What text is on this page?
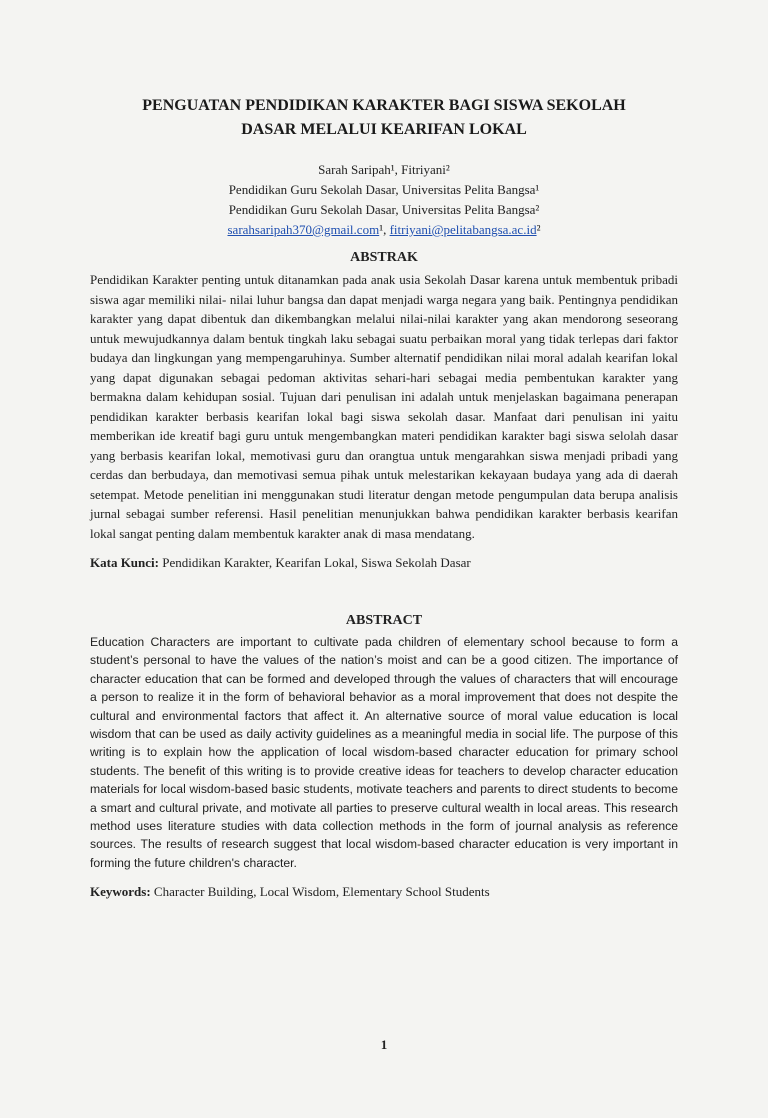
PENGUATAN PENDIDIKAN KARAKTER BAGI SISWA SEKOLAH
DASAR MELALUI KEARIFAN LOKAL
Sarah Saripah¹, Fitriyani²
Pendidikan Guru Sekolah Dasar, Universitas Pelita Bangsa¹
Pendidikan Guru Sekolah Dasar, Universitas Pelita Bangsa²
sarahsaripah370@gmail.com¹, fitriyani@pelitabangsa.ac.id²
ABSTRAK

Pendidikan Karakter penting untuk ditanamkan pada anak usia Sekolah Dasar karena untuk membentuk pribadi siswa agar memiliki nilai- nilai luhur bangsa dan dapat menjadi warga negara yang baik. Pentingnya pendidikan karakter yang dapat dibentuk dan dikembangkan melalui nilai-nilai karakter yang akan mendorong seseorang untuk mewujudkannya dalam bentuk tingkah laku sebagai suatu perbaikan moral yang tidak terlepas dari faktor budaya dan lingkungan yang mempengaruhinya. Sumber alternatif pendidikan nilai moral adalah kearifan lokal yang dapat digunakan sebagai pedoman aktivitas sehari-hari sebagai media pembentukan karakter yang bermakna dalam kehidupan sosial. Tujuan dari penulisan ini adalah untuk menjelaskan bagaimana penerapan pendidikan karakter berbasis kearifan lokal bagi siswa sekolah dasar. Manfaat dari penulisan ini yaitu memberikan ide kreatif bagi guru untuk mengembangkan materi pendidikan karakter bagi siswa selolah dasar yang berbasis kearifan lokal, memotivasi guru dan orangtua untuk mengarahkan siswa menjadi pribadi yang cerdas dan berbudaya, dan memotivasi semua pihak untuk melestarikan kekayaan budaya yang ada di daerah setempat. Metode penelitian ini menggunakan studi literatur dengan metode pengumpulan data berupa analisis jurnal sebagai sumber referensi. Hasil penelitian menunjukkan bahwa pendidikan karakter berbasis kearifan lokal sangat penting dalam membentuk karakter anak di masa mendatang.

Kata Kunci: Pendidikan Karakter, Kearifan Lokal, Siswa Sekolah Dasar
ABSTRACT

Education Characters are important to cultivate pada children of elementary school because to form a student’s personal to have the values of the nation’s moist and can be a good citizen. The importance of character education that can be formed and developed through the values of characters that will encourage a person to realize it in the form of behavioral behavior as a moral improvement that does not despite the cultural and environmental factors that affect it. An alternative source of moral value education is local wisdom that can be used as daily activity guidelines as a meaningful media in social life. The purpose of this writing is to explain how the application of local wisdom-based character education for primary school students. The benefit of this writing is to provide creative ideas for teachers to develop character education materials for local wisdom-based basic students, motivate teachers and parents to direct students to become a smart and cultural private, and motivate all parties to preserve cultural wealth in local areas. This research method uses literature studies with data collection methods in the form of journal analysis as reference sources. The results of research suggest that local wisdom-based character education is very important in forming the future children's character.

Keywords: Character Building, Local Wisdom, Elementary School Students
1
